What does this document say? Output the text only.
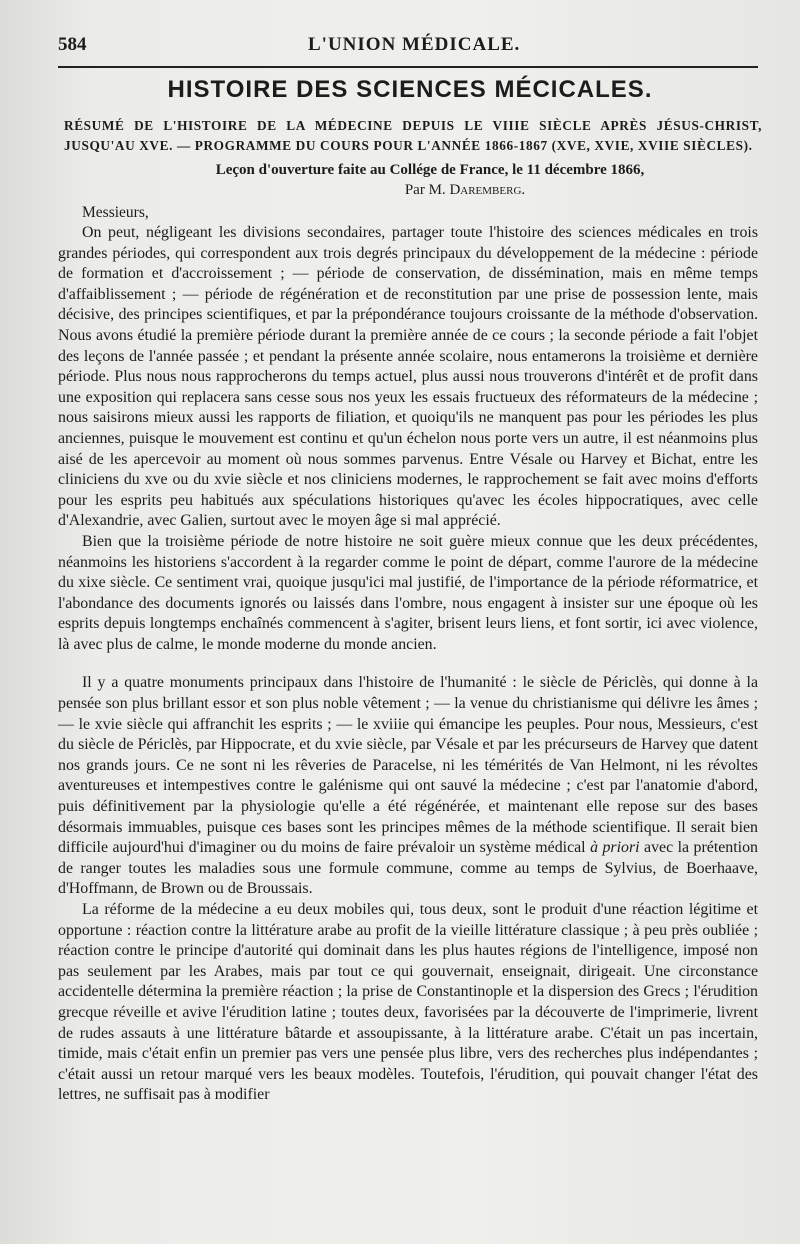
584	L'UNION MÉDICALE.
HISTOIRE DES SCIENCES MÉCICALES.
RÉSUMÉ DE L'HISTOIRE DE LA MÉDECINE DEPUIS LE VIIIE SIÈCLE APRÈS JÉSUS-CHRIST, JUSQU'AU XVE. — PROGRAMME DU COURS POUR L'ANNÉE 1866-1867 (XVE, XVIE, XVIIE SIÈCLES).
Leçon d'ouverture faite au Collége de France, le 11 décembre 1866,
Par M. Daremberg.
Messieurs,

On peut, négligeant les divisions secondaires, partager toute l'histoire des sciences médicales en trois grandes périodes, qui correspondent aux trois degrés principaux du développement de la médecine : période de formation et d'accroissement ; — période de conservation, de dissémination, mais en même temps d'affaiblissement ; — période de régénération et de reconstitution par une prise de possession lente, mais décisive, des principes scientifiques, et par la prépondérance toujours croissante de la méthode d'observation. Nous avons étudié la première période durant la première année de ce cours ; la seconde période a fait l'objet des leçons de l'année passée ; et pendant la présente année scolaire, nous entamerons la troisième et dernière période. Plus nous nous rapprocherons du temps actuel, plus aussi nous trouverons d'intérêt et de profit dans une exposition qui replacera sans cesse sous nos yeux les essais fructueux des réformateurs de la médecine ; nous saisirons mieux aussi les rapports de filiation, et quoiqu'ils ne manquent pas pour les périodes les plus anciennes, puisque le mouvement est continu et qu'un échelon nous porte vers un autre, il est néanmoins plus aisé de les apercevoir au moment où nous sommes parvenus. Entre Vésale ou Harvey et Bichat, entre les cliniciens du xve ou du xvie siècle et nos cliniciens modernes, le rapprochement se fait avec moins d'efforts pour les esprits peu habitués aux spéculations historiques qu'avec les écoles hippocratiques, avec celle d'Alexandrie, avec Galien, surtout avec le moyen âge si mal apprécié.

Bien que la troisième période de notre histoire ne soit guère mieux connue que les deux précédentes, néanmoins les historiens s'accordent à la regarder comme le point de départ, comme l'aurore de la médecine du xixe siècle. Ce sentiment vrai, quoique jusqu'ici mal justifié, de l'importance de la période réformatrice, et l'abondance des documents ignorés ou laissés dans l'ombre, nous engagent à insister sur une époque où les esprits depuis longtemps enchaînés commencent à s'agiter, brisent leurs liens, et font sortir, ici avec violence, là avec plus de calme, le monde moderne du monde ancien.

Il y a quatre monuments principaux dans l'histoire de l'humanité : le siècle de Périclès, qui donne à la pensée son plus brillant essor et son plus noble vêtement ; — la venue du christianisme qui délivre les âmes ; — le xvie siècle qui affranchit les esprits ; — le xviiie qui émancipe les peuples. Pour nous, Messieurs, c'est du siècle de Périclès, par Hippocrate, et du xvie siècle, par Vésale et par les précurseurs de Harvey que datent nos grands jours. Ce ne sont ni les rêveries de Paracelse, ni les témérités de Van Helmont, ni les révoltes aventureuses et intempestives contre le galénisme qui ont sauvé la médecine ; c'est par l'anatomie d'abord, puis définitivement par la physiologie qu'elle a été régénérée, et maintenant elle repose sur des bases désormais immuables, puisque ces bases sont les principes mêmes de la méthode scientifique. Il serait bien difficile aujourd'hui d'imaginer ou du moins de faire prévaloir un système médical à priori avec la prétention de ranger toutes les maladies sous une formule commune, comme au temps de Sylvius, de Boerhaave, d'Hoffmann, de Brown ou de Broussais.

La réforme de la médecine a eu deux mobiles qui, tous deux, sont le produit d'une réaction légitime et opportune : réaction contre la littérature arabe au profit de la vieille littérature classique ; à peu près oubliée ; réaction contre le principe d'autorité qui dominait dans les plus hautes régions de l'intelligence, imposé non pas seulement par les Arabes, mais par tout ce qui gouvernait, enseignait, dirigeait. Une circonstance accidentelle détermina la première réaction ; la prise de Constantinople et la dispersion des Grecs ; l'érudition grecque réveille et avive l'érudition latine ; toutes deux, favorisées par la découverte de l'imprimerie, livrent de rudes assauts à une littérature bâtarde et assoupissante, à la littérature arabe. C'était un pas incertain, timide, mais c'était enfin un premier pas vers une pensée plus libre, vers des recherches plus indépendantes ; c'était aussi un retour marqué vers les beaux modèles. Toutefois, l'érudition, qui pouvait changer l'état des lettres, ne suffisait pas à modifier
